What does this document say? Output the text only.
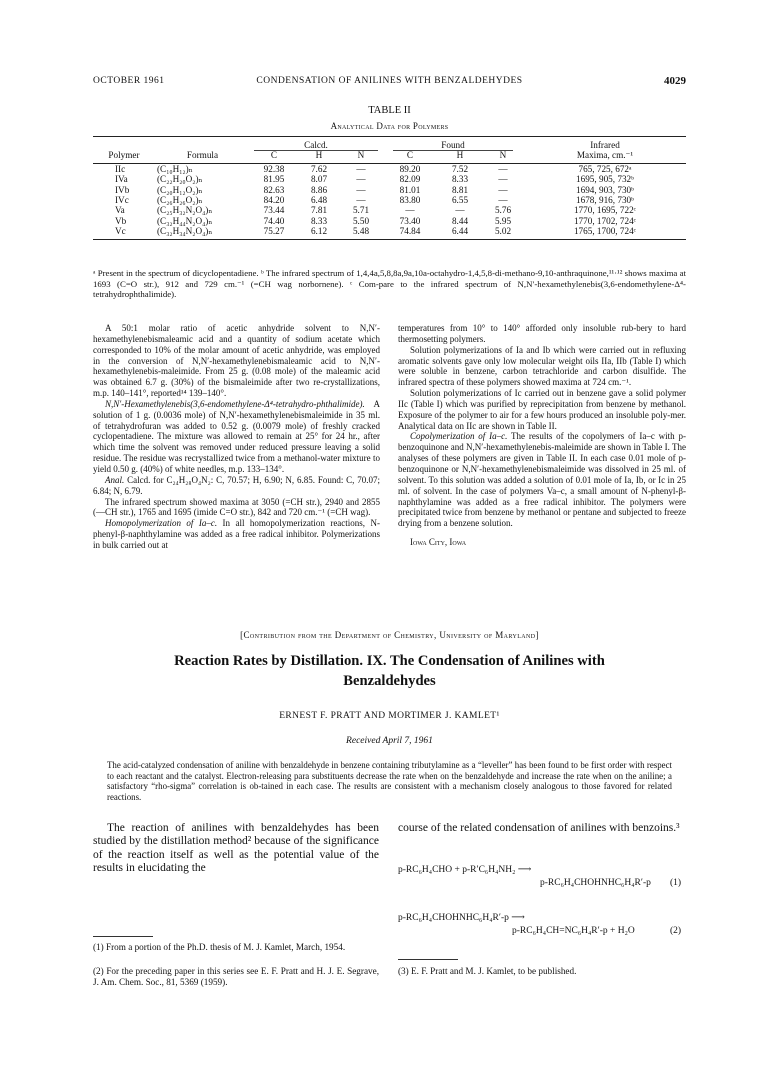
OCTOBER 1961	CONDENSATION OF ANILINES WITH BENZALDEHYDES	4029
TABLE II
Analytical Data for Polymers
		Calcd.			Found			Infrared
Polymer	Formula	C	H	N	C	H	N	Maxima, cm.⁻¹
IIc	(C₁₀H₁₂)ₙ	92.38	7.62	—	89.20	7.52	—	765, 725, 672ᵃ
IVa	(C₂₂H₂₀O₂)ₙ	81.95	8.07	—	82.09	8.33	—	1695, 905, 732ᵇ
IVb	(C₂₀H₁₂O₂)ₙ	82.63	8.86	—	81.01	8.81	—	1694, 903, 730ᵇ
IVc	(C₂₆H₂₆O₂)ₙ	84.20	6.48	—	83.80	6.55	—	1678, 916, 730ᵇ
Va	(C₂₅H₃₂N₂O₄)ₙ	73.44	7.81	5.71	—	—	5.76	1770, 1695, 722ᶜ
Vb	(C₃₂H₄₄N₂O₄)ₙ	74.40	8.33	5.50	73.40	8.44	5.95	1770, 1702, 724ᶜ
Vc	(C₃₂H₃₄N₂O₄)ₙ	75.27	6.12	5.48	74.84	6.44	5.02	1765, 1700, 724ᶜ
ᵃ Present in the spectrum of dicyclopentadiene. ᵇ The infrared spectrum of 1,4,4a,5,8,8a,9a,10a-octahydro-1,4,5,8-di-methano-9,10-anthraquinone,¹¹·¹² shows maxima at 1693 (C=O str.), 912 and 729 cm.⁻¹ (=CH wag norbornene). ᶜ Com-pare to the infrared spectrum of N,N′-hexamethylenebis(3,6-endomethylene-Δ⁴-tetrahydrophthalimide).

A 50:1 molar ratio of acetic anhydride solvent to N,N′-hexamethylenebismaleamic acid and a quantity of sodium acetate which corresponded to 10% of the molar amount of acetic anhydride, was employed in the conversion of N,N′-hexamethylenebismaleamic acid to N,N′-hexamethylenebis-maleimide. From 25 g. (0.08 mole) of the maleamic acid was obtained 6.7 g. (30%) of the bismaleimide after two re-crystallizations, m.p. 140–141°, reported¹⁴ 139–140°.

N,N′-Hexamethylenebis(3,6-endomethylene-Δ⁴-tetrahydro-phthalimide). A solution of 1 g. (0.0036 mole) of N,N′-hexamethylenebismaleimide in 35 ml. of tetrahydrofuran was added to 0.52 g. (0.0079 mole) of freshly cracked cyclopentadiene. The mixture was allowed to remain at 25° for 24 hr., after which time the solvent was removed under reduced pressure leaving a solid residue. The residue was recrystallized twice from a methanol-water mixture to yield 0.50 g. (40%) of white needles, m.p. 133–134°.

Anal. Calcd. for C₂₄H₂₈O₄N₂: C, 70.57; H, 6.90; N, 6.85. Found: C, 70.07; 6.84; N, 6.79.

The infrared spectrum showed maxima at 3050 (=CH str.), 2940 and 2855 (—CH str.), 1765 and 1695 (imide C=O str.), 842 and 720 cm.⁻¹ (=CH wag).

Homopolymerization of Ia–c. In all homopolymerization reactions, N-phenyl-β-naphthylamine was added as a free radical inhibitor. Polymerizations in bulk carried out at

temperatures from 10° to 140° afforded only insoluble rub-bery to hard thermosetting polymers.

Solution polymerizations of Ia and Ib which were carried out in refluxing aromatic solvents gave only low molecular weight oils IIa, IIb (Table I) which were soluble in benzene, carbon tetrachloride and carbon disulfide. The infrared spectra of these polymers showed maxima at 724 cm.⁻¹.

Solution polymerizations of Ic carried out in benzene gave a solid polymer IIc (Table I) which was purified by reprecipitation from benzene by methanol. Exposure of the polymer to air for a few hours produced an insoluble poly-mer. Analytical data on IIc are shown in Table II.

Copolymerization of Ia–c. The results of the copolymers of Ia–c with p-benzoquinone and N,N′-hexamethylenebis-maleimide are shown in Table I. The analyses of these polymers are given in Table II. In each case 0.01 mole of p-benzoquinone or N,N′-hexamethylenebismaleimide was dissolved in 25 ml. of solvent. To this solution was added a solution of 0.01 mole of Ia, Ib, or Ic in 25 ml. of solvent. In the case of polymers Va–c, a small amount of N-phenyl-β-naphthylamine was added as a free radical inhibitor. The polymers were precipitated twice from benzene by methanol or pentane and subjected to freeze drying from a benzene solution.

Iowa City, Iowa

[Contribution from the Department of Chemistry, University of Maryland]
Reaction Rates by Distillation. IX. The Condensation of Anilines with
Benzaldehydes
ERNEST F. PRATT AND MORTIMER J. KAMLET¹
Received April 7, 1961
The acid-catalyzed condensation of aniline with benzaldehyde in benzene containing tributylamine as a “leveller” has been found to be first order with respect to each reactant and the catalyst. Electron-releasing para substituents decrease the rate when on the benzaldehyde and increase the rate when on the aniline; a satisfactory “rho-sigma” correlation is ob-tained in each case. The results are consistent with a mechanism closely analogous to those favored for related reactions.

The reaction of anilines with benzaldehydes has been studied by the distillation method² because of the significance of the reaction itself as well as the potential value of the results in elucidating the

course of the related condensation of anilines with benzoins.³

p-RC₆H₄CHO + p-R′C₆H₄NH₂ ⟶
p-RC₆H₄CHOHNHC₆H₄R′-p (1)
p-RC₆H₄CHOHNHC₆H₄R′-p ⟶
p-RC₆H₄CH=NC₆H₄R′-p + H₂O	(2)
(1) From a portion of the Ph.D. thesis of M. J. Kamlet, March, 1954.
(2) For the preceding paper in this series see E. F. Pratt and H. J. E. Segrave, J. Am. Chem. Soc., 81, 5369 (1959).
(3) E. F. Pratt and M. J. Kamlet, to be published.
